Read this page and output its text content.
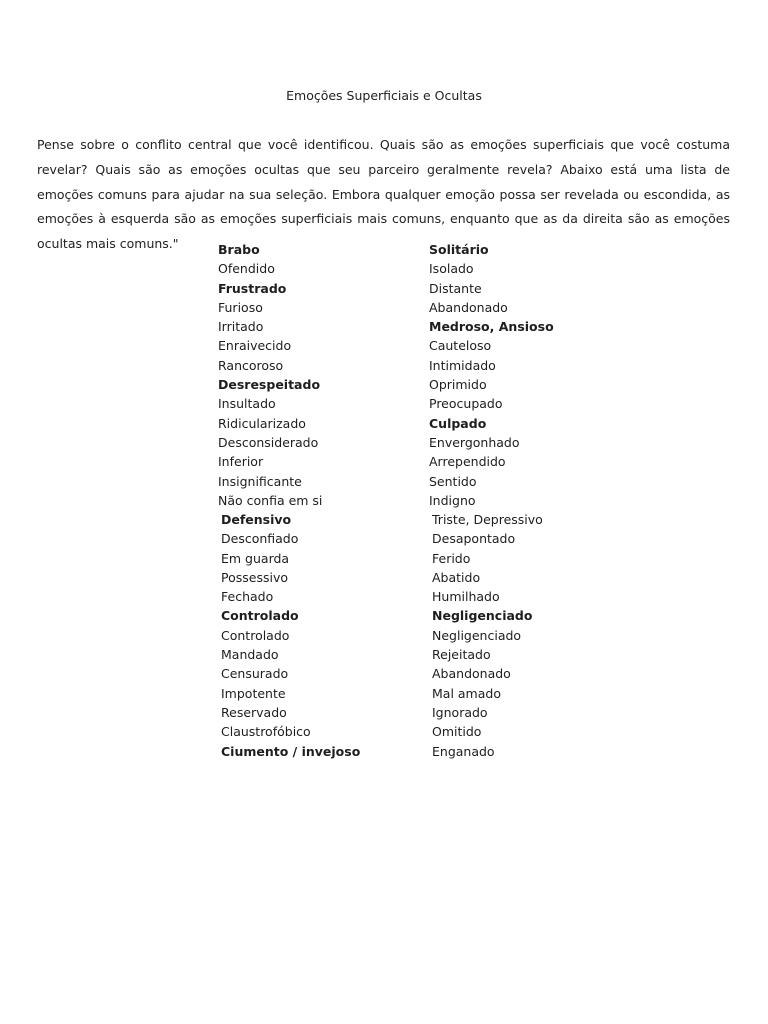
Emoções Superficiais e Ocultas

Pense sobre o conflito central que você identificou. Quais são as emoções superficiais que você costuma revelar? Quais são as emoções ocultas que seu parceiro geralmente revela? Abaixo está uma lista de emoções comuns para ajudar na sua seleção. Embora qualquer emoção possa ser revelada ou escondida, as emoções à esquerda são as emoções superficiais mais comuns, enquanto que as da direita são as emoções ocultas mais comuns."	Brabo
Ofendido
Frustrado
Furioso
Irritado
Enraivecido
Rancoroso
Desrespeitado
Insultado
Ridicularizado
Desconsiderado
Inferior
Insignificante
Não confia em si
Solitário
Isolado
Distante
Abandonado
Medroso, Ansioso
Cauteloso
Intimidado
Oprimido
Preocupado
Culpado
Envergonhado
Arrependido
Sentido
Indigno
Defensivo
Desconfiado
Em guarda
Possessivo
Fechado
Controlado
Controlado
Mandado
Censurado
Impotente
Reservado
Claustrofóbico
Ciumento / invejoso
Triste, Depressivo
Desapontado
Ferido
Abatido
Humilhado
Negligenciado
Negligenciado
Rejeitado
Abandonado
Mal amado
Ignorado
Omitido
Enganado
